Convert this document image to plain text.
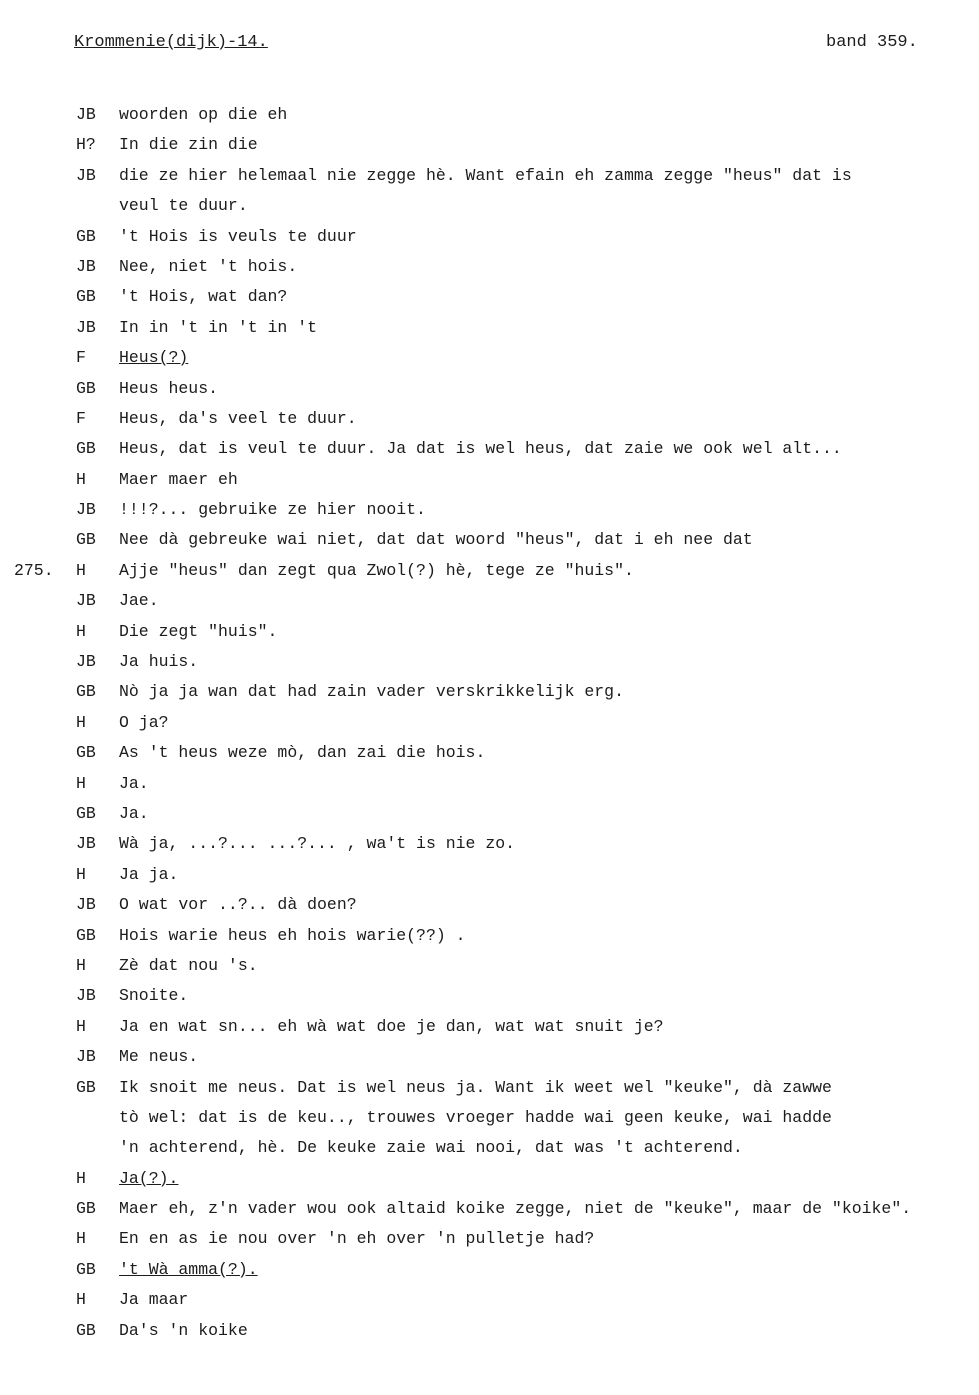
Krommenie(dijk)-14.	band 359.
JB woorden op die eh
H? In die zin die
JB die ze hier helemaal nie zegge hè. Want efain eh zamma zegge "heus" dat is
veul te duur.
GB 't Hois is veuls te duur
JB Nee, niet 't hois.
GB 't Hois, wat dan?
JB In in 't in 't in 't
F Heus(?)
GB Heus heus.
F Heus, da's veel te duur.
GB Heus, dat is veul te duur. Ja dat is wel heus, dat zaie we ook wel alt...
H Maer maer eh
JB !!!?... gebruike ze hier nooit.
GB Nee dà gebreuke wai niet, dat dat woord "heus", dat i eh nee dat
275. H Ajje "heus" dan zegt qua Zwol(?) hè, tege ze "huis".
JB Jae.
H Die zegt "huis".
JB Ja huis.
GB Nò ja ja wan dat had zain vader verskrikkelijk erg.
H O ja?
GB As 't heus weze mò, dan zai die hois.
H Ja.
GB Ja.
JB Wà ja, ...?... ...?... , wa't is nie zo.
H Ja ja.
JB O wat vor ..?.. dà doen?
GB Hois warie heus eh hois warie(??) .
H Zè dat nou 's.
JB Snoite.
H Ja en wat sn... eh wà wat doe je dan, wat wat snuit je?
JB Me neus.
GB Ik snoit me neus. Dat is wel neus ja. Want ik weet wel "keuke", dà zawwe
tò wel: dat is de keu.., trouwes vroeger hadde wai geen keuke, wai hadde
'n achterend, hè. De keuke zaie wai nooi, dat was 't achterend.
H Ja(?).
GB Maer eh, z'n vader wou ook altaid koike zegge, niet de "keuke", maar de "koike".
H En en as ie nou over 'n eh over 'n pulletje had?
GB 't Wà amma(?).
H Ja maar
GB Da's 'n koike
